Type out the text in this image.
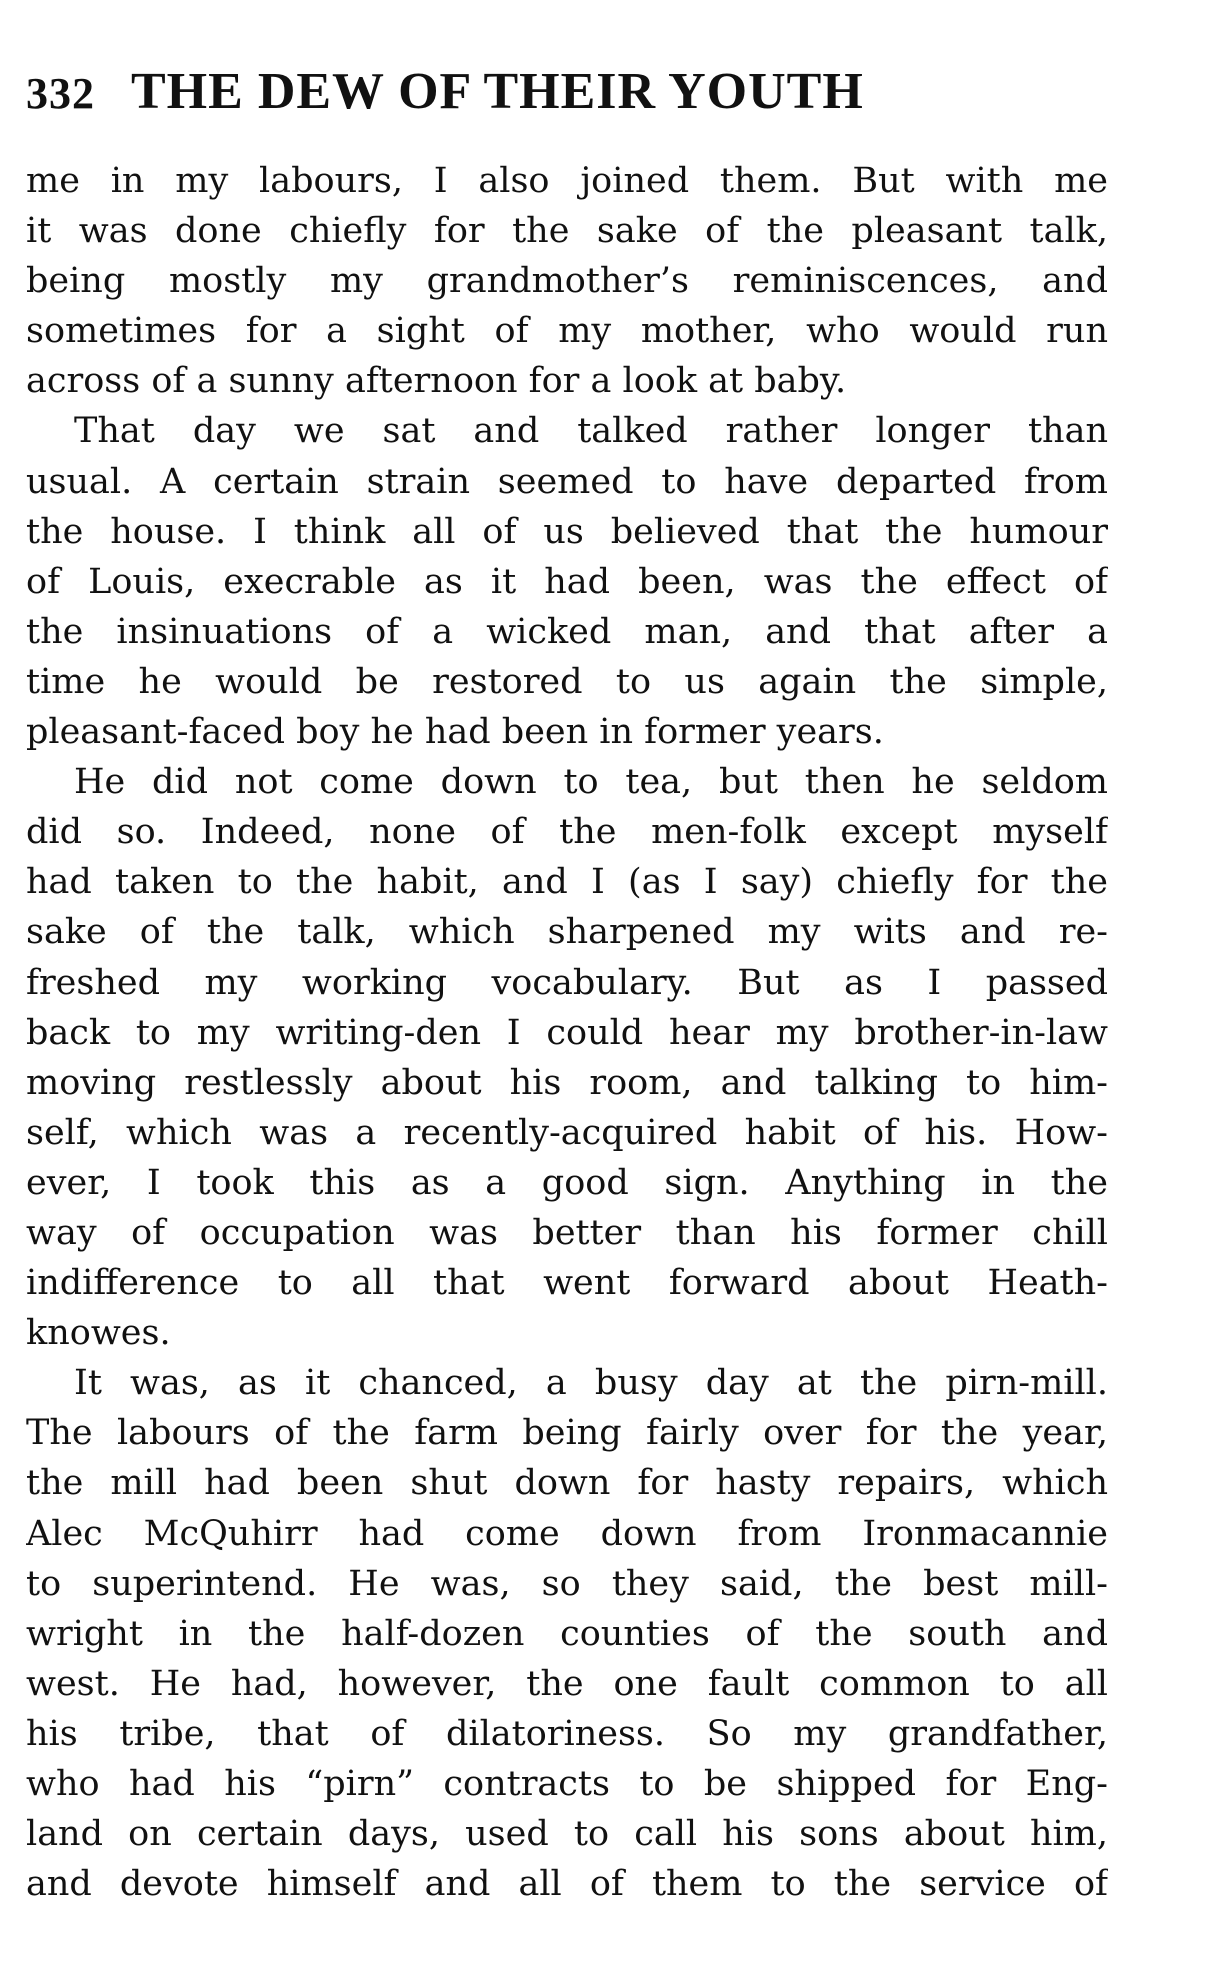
332 THE DEW OF THEIR YOUTH
me in my labours, I also joined them. But with me
it was done chiefly for the sake of the pleasant talk,
being mostly my grandmother’s reminiscences, and
sometimes for a sight of my mother, who would run
across of a sunny afternoon for a look at baby.
That day we sat and talked rather longer than
usual. A certain strain seemed to have departed from
the house. I think all of us believed that the humour
of Louis, execrable as it had been, was the effect of
the insinuations of a wicked man, and that after a
time he would be restored to us again the simple,
pleasant-faced boy he had been in former years.
He did not come down to tea, but then he seldom
did so. Indeed, none of the men-folk except myself
had taken to the habit, and I (as I say) chiefly for the
sake of the talk, which sharpened my wits and re-
freshed my working vocabulary. But as I passed
back to my writing-den I could hear my brother-in-law
moving restlessly about his room, and talking to him-
self, which was a recently-acquired habit of his. How-
ever, I took this as a good sign. Anything in the
way of occupation was better than his former chill
indifference to all that went forward about Heath-
knowes.
It was, as it chanced, a busy day at the pirn-mill.
The labours of the farm being fairly over for the year,
the mill had been shut down for hasty repairs, which
Alec McQuhirr had come down from Ironmacannie
to superintend. He was, so they said, the best mill-
wright in the half-dozen counties of the south and
west. He had, however, the one fault common to all
his tribe, that of dilatoriness. So my grandfather,
who had his “pirn” contracts to be shipped for Eng-
land on certain days, used to call his sons about him,
and devote himself and all of them to the service of
